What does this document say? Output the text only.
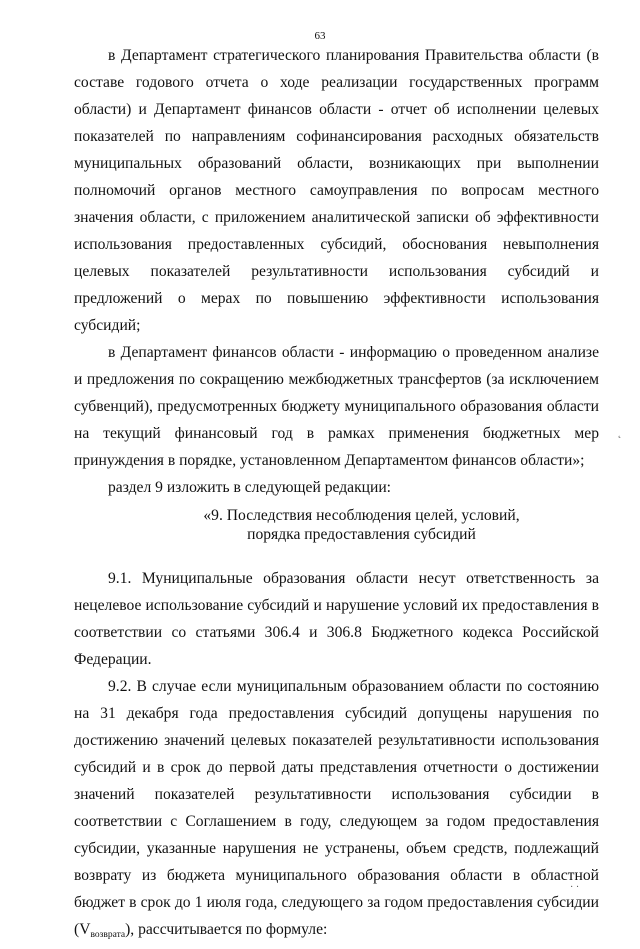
63

в Департамент стратегического планирования Правительства области (в составе годового отчета о ходе реализации государственных программ области) и Департамент финансов области - отчет об исполнении целевых показателей по направлениям софинансирования расходных обязательств муниципальных образований области, возникающих при выполнении полномочий органов местного самоуправления по вопросам местного значения области, с приложением аналитической записки об эффективности использования предоставленных субсидий, обоснования невыполнения целевых показателей результативности использования субсидий и предложений о мерах по повышению эффективности использования субсидий;

в Департамент финансов области - информацию о проведенном анализе и предложения по сокращению межбюджетных трансфертов (за исключением субвенций), предусмотренных бюджету муниципального образования области на текущий финансовый год в рамках применения бюджетных мер принуждения в порядке, установленном Департаментом финансов области»;

раздел 9 изложить в следующей редакции:

«9. Последствия несоблюдения целей, условий,
порядка предоставления субсидий

9.1. Муниципальные образования области несут ответственность за нецелевое использование субсидий и нарушение условий их предоставления в соответствии со статьями 306.4 и 306.8 Бюджетного кодекса Российской Федерации.

9.2. В случае если муниципальным образованием области по состоянию на 31 декабря года предоставления субсидий допущены нарушения по достижению значений целевых показателей результативности использования субсидий и в срок до первой даты представления отчетности о достижении значений показателей результативности использования субсидии в соответствии с Соглашением в году, следующем за годом предоставления субсидии, указанные нарушения не устранены, объем средств, подлежащий возврату из бюджета муниципального образования области в областной бюджет в срок до 1 июля года, следующего за годом предоставления субсидии $(V_{возврата})$, рассчитывается по формуле:

˛
· ·
